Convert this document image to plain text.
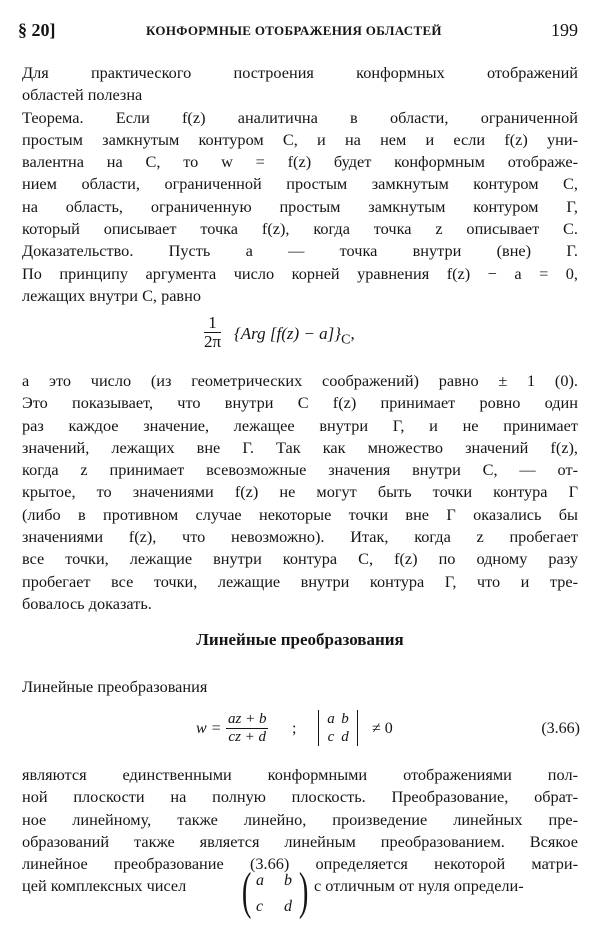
§ 20]	КОНФОРМНЫЕ ОТОБРАЖЕНИЯ ОБЛАСТЕЙ	199
Для практического построения конформных отображений
областей полезна
Теорема. Если f(z) аналитична в области, ограниченной
простым замкнутым контуром C, и на нем и если f(z) уни-
валентна на C, то w = f(z) будет конформным отображе-
нием области, ограниченной простым замкнутым контуром C,
на область, ограниченную простым замкнутым контуром Г,
который описывает точка f(z), когда точка z описывает C.
Доказательство. Пусть a — точка внутри (вне) Г.
По принципу аргумента число корней уравнения f(z) − a = 0,
лежащих внутри C, равно
$\frac{1}{2\pi} \{Arg$ $[f(z) - a]\}_C$,
а это число (из геометрических соображений) равно ± 1 (0).
Это показывает, что внутри C f(z) принимает ровно один
раз каждое значение, лежащее внутри Г, и не принимает
значений, лежащих вне Г. Так как множество значений f(z),
когда z принимает всевозможные значения внутри C, — от-
крытое, то значениями f(z) не могут быть точки контура Г
(либо в противном случае некоторые точки вне Г оказались бы
значениями f(z), что невозможно). Итак, когда z пробегает
все точки, лежащие внутри контура C, f(z) по одному разу
пробегает все точки, лежащие внутри контура Г, что и тре-
бовалось доказать.
Линейные преобразования
Линейные преобразования
$w = \frac{az + b}{cz + d}$ ;
a b
c d	≠ 0	(3.66)
являются единственными конформными отображениями пол-
ной плоскости на полную плоскость. Преобразование, обрат-
ное линейному, также линейно, произведение линейных пре-
образований также является линейным преобразованием. Всякое
линейное преобразование (3.66) определяется некоторой матри-
цей комплексных чисел ( a b
c d ) с отличным от нуля определи-
